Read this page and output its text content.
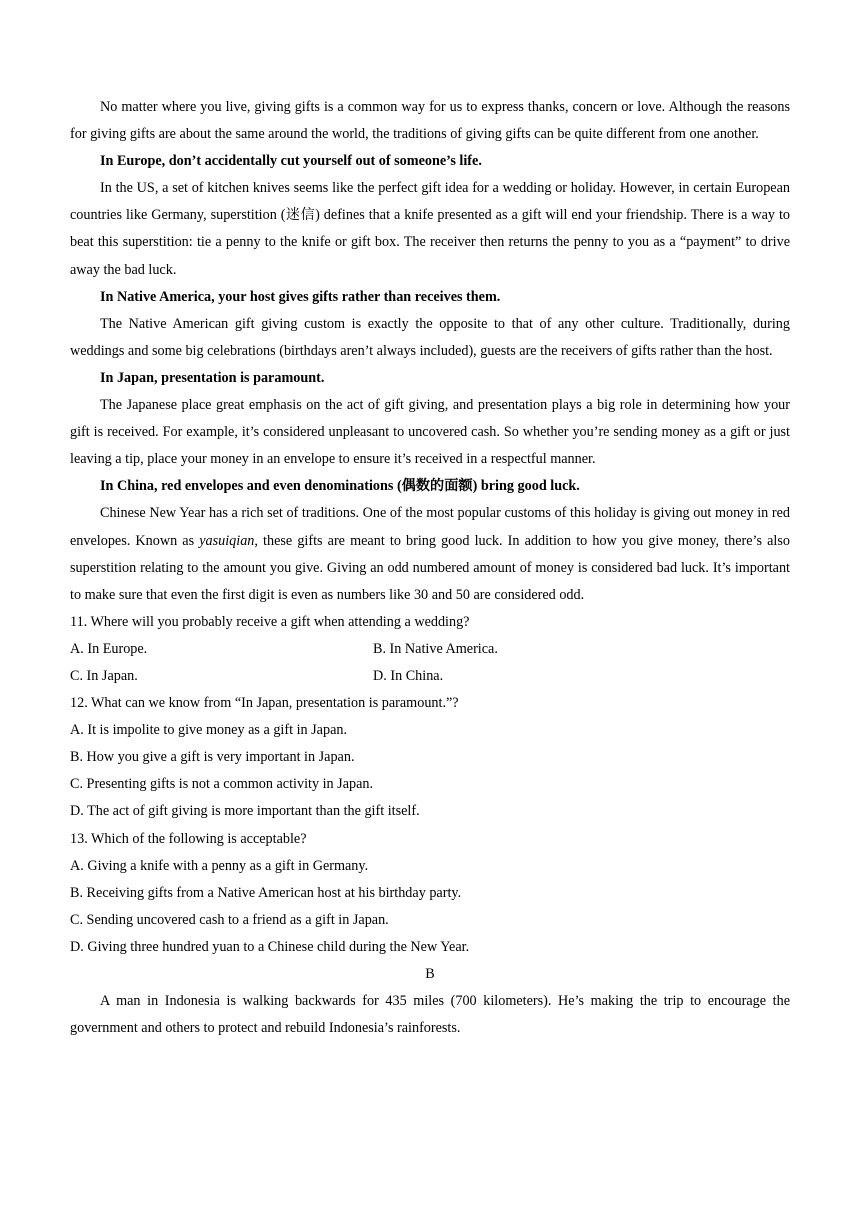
No matter where you live, giving gifts is a common way for us to express thanks, concern or love. Although the reasons for giving gifts are about the same around the world, the traditions of giving gifts can be quite different from one another.

In Europe, don’t accidentally cut yourself out of someone’s life.

In the US, a set of kitchen knives seems like the perfect gift idea for a wedding or holiday. However, in certain European countries like Germany, superstition (迷信) defines that a knife presented as a gift will end your friendship. There is a way to beat this superstition: tie a penny to the knife or gift box. The receiver then returns the penny to you as a “payment” to drive away the bad luck.

In Native America, your host gives gifts rather than receives them.

The Native American gift giving custom is exactly the opposite to that of any other culture. Traditionally, during weddings and some big celebrations (birthdays aren’t always included), guests are the receivers of gifts rather than the host.

In Japan, presentation is paramount.

The Japanese place great emphasis on the act of gift giving, and presentation plays a big role in determining how your gift is received. For example, it’s considered unpleasant to uncovered cash. So whether you’re sending money as a gift or just leaving a tip, place your money in an envelope to ensure it’s received in a respectful manner.

In China, red envelopes and even denominations (偶数的面额) bring good luck.

Chinese New Year has a rich set of traditions. One of the most popular customs of this holiday is giving out money in red envelopes. Known as yasuiqian, these gifts are meant to bring good luck. In addition to how you give money, there’s also superstition relating to the amount you give. Giving an odd numbered amount of money is considered bad luck. It’s important to make sure that even the first digit is even as numbers like 30 and 50 are considered odd.

11. Where will you probably receive a gift when attending a wedding?

A. In Europe.	B. In Native America.
C. In Japan.	D. In China.

12. What can we know from “In Japan, presentation is paramount.”?

A. It is impolite to give money as a gift in Japan.

B. How you give a gift is very important in Japan.

C. Presenting gifts is not a common activity in Japan.

D. The act of gift giving is more important than the gift itself.

13. Which of the following is acceptable?

A. Giving a knife with a penny as a gift in Germany.

B. Receiving gifts from a Native American host at his birthday party.

C. Sending uncovered cash to a friend as a gift in Japan.

D. Giving three hundred yuan to a Chinese child during the New Year.

B

A man in Indonesia is walking backwards for 435 miles (700 kilometers). He’s making the trip to encourage the government and others to protect and rebuild Indonesia’s rainforests.
